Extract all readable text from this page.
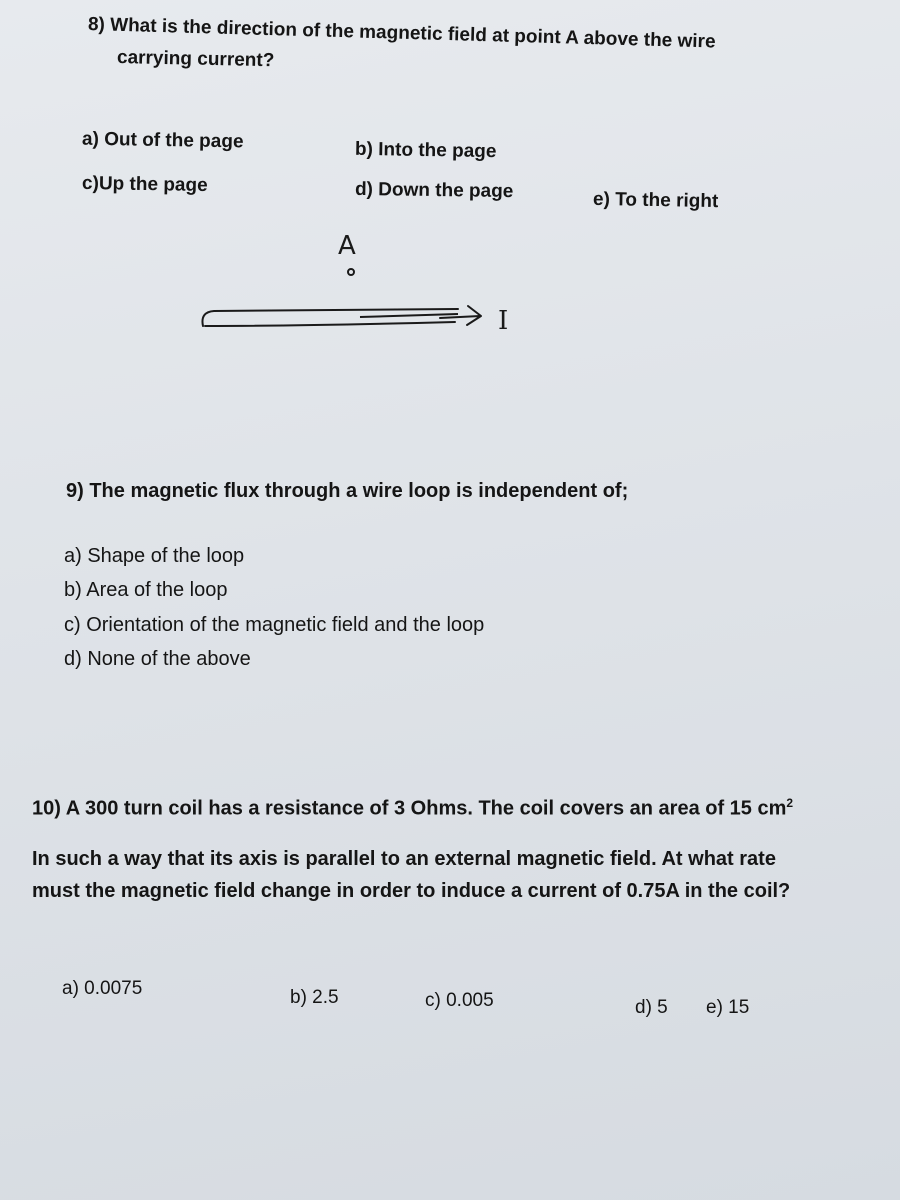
8) What is the direction of the magnetic field at point A above the wire
carrying current?
a) Out of the page	b) Into the page
c)Up the page	d) Down the page	e) To the right
A
I
9) The magnetic flux through a wire loop is independent of;
a) Shape of the loop
b) Area of the loop
c) Orientation of the magnetic field and the loop
d) None of the above
10) A 300 turn coil has a resistance of 3 Ohms. The coil covers an area of 15 $cm^2$
In such a way that its axis is parallel to an external magnetic field. At what rate
must the magnetic field change in order to induce a current of 0.75A in the coil?
a) 0.0075	b) 2.5	c) 0.005	d) 5 e) 15
